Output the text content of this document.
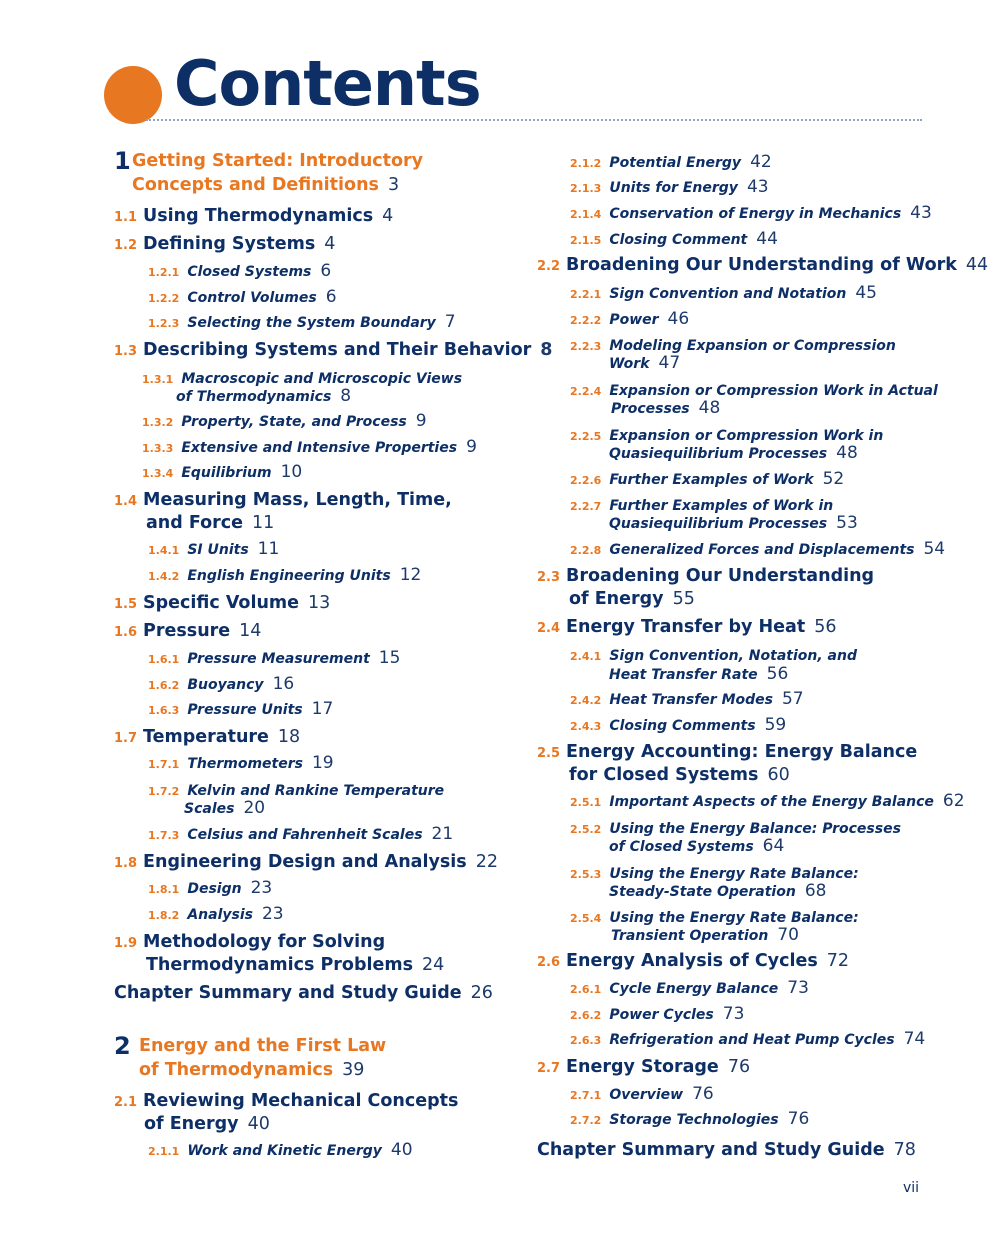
Contents
1 Getting Started: Introductory
Concepts and Definitions 3
1.1 Using Thermodynamics 4
1.2 Defining Systems 4
1.2.1 Closed Systems 6
1.2.2 Control Volumes 6
1.2.3 Selecting the System Boundary 7
1.3 Describing Systems and Their Behavior 8
1.3.1 Macroscopic and Microscopic Views
of Thermodynamics 8
1.3.2 Property, State, and Process 9
1.3.3 Extensive and Intensive Properties 9
1.3.4 Equilibrium 10
1.4 Measuring Mass, Length, Time,
and Force 11
1.4.1 SI Units 11
1.4.2 English Engineering Units 12
1.5 Specific Volume 13
1.6 Pressure 14
1.6.1 Pressure Measurement 15
1.6.2 Buoyancy 16
1.6.3 Pressure Units 17
1.7 Temperature 18
1.7.1 Thermometers 19
1.7.2 Kelvin and Rankine Temperature
Scales 20
1.7.3 Celsius and Fahrenheit Scales 21
1.8 Engineering Design and Analysis 22
1.8.1 Design 23
1.8.2 Analysis 23
1.9 Methodology for Solving
Thermodynamics Problems 24
Chapter Summary and Study Guide 26
2 Energy and the First Law
of Thermodynamics 39
2.1 Reviewing Mechanical Concepts
of Energy 40
2.1.1 Work and Kinetic Energy 40
2.1.2 Potential Energy 42
2.1.3 Units for Energy 43
2.1.4 Conservation of Energy in Mechanics 43
2.1.5 Closing Comment 44
2.2 Broadening Our Understanding of Work 44
2.2.1 Sign Convention and Notation 45
2.2.2 Power 46
2.2.3 Modeling Expansion or Compression
Work 47
2.2.4 Expansion or Compression Work in Actual
Processes 48
2.2.5 Expansion or Compression Work in
Quasiequilibrium Processes 48
2.2.6 Further Examples of Work 52
2.2.7 Further Examples of Work in
Quasiequilibrium Processes 53
2.2.8 Generalized Forces and Displacements 54
2.3 Broadening Our Understanding
of Energy 55
2.4 Energy Transfer by Heat 56
2.4.1 Sign Convention, Notation, and
Heat Transfer Rate 56
2.4.2 Heat Transfer Modes 57
2.4.3 Closing Comments 59
2.5 Energy Accounting: Energy Balance
for Closed Systems 60
2.5.1 Important Aspects of the Energy Balance 62
2.5.2 Using the Energy Balance: Processes
of Closed Systems 64
2.5.3 Using the Energy Rate Balance:
Steady-State Operation 68
2.5.4 Using the Energy Rate Balance:
Transient Operation 70
2.6 Energy Analysis of Cycles 72
2.6.1 Cycle Energy Balance 73
2.6.2 Power Cycles 73
2.6.3 Refrigeration and Heat Pump Cycles 74
2.7 Energy Storage 76
2.7.1 Overview 76
2.7.2 Storage Technologies 76
Chapter Summary and Study Guide 78
vii
